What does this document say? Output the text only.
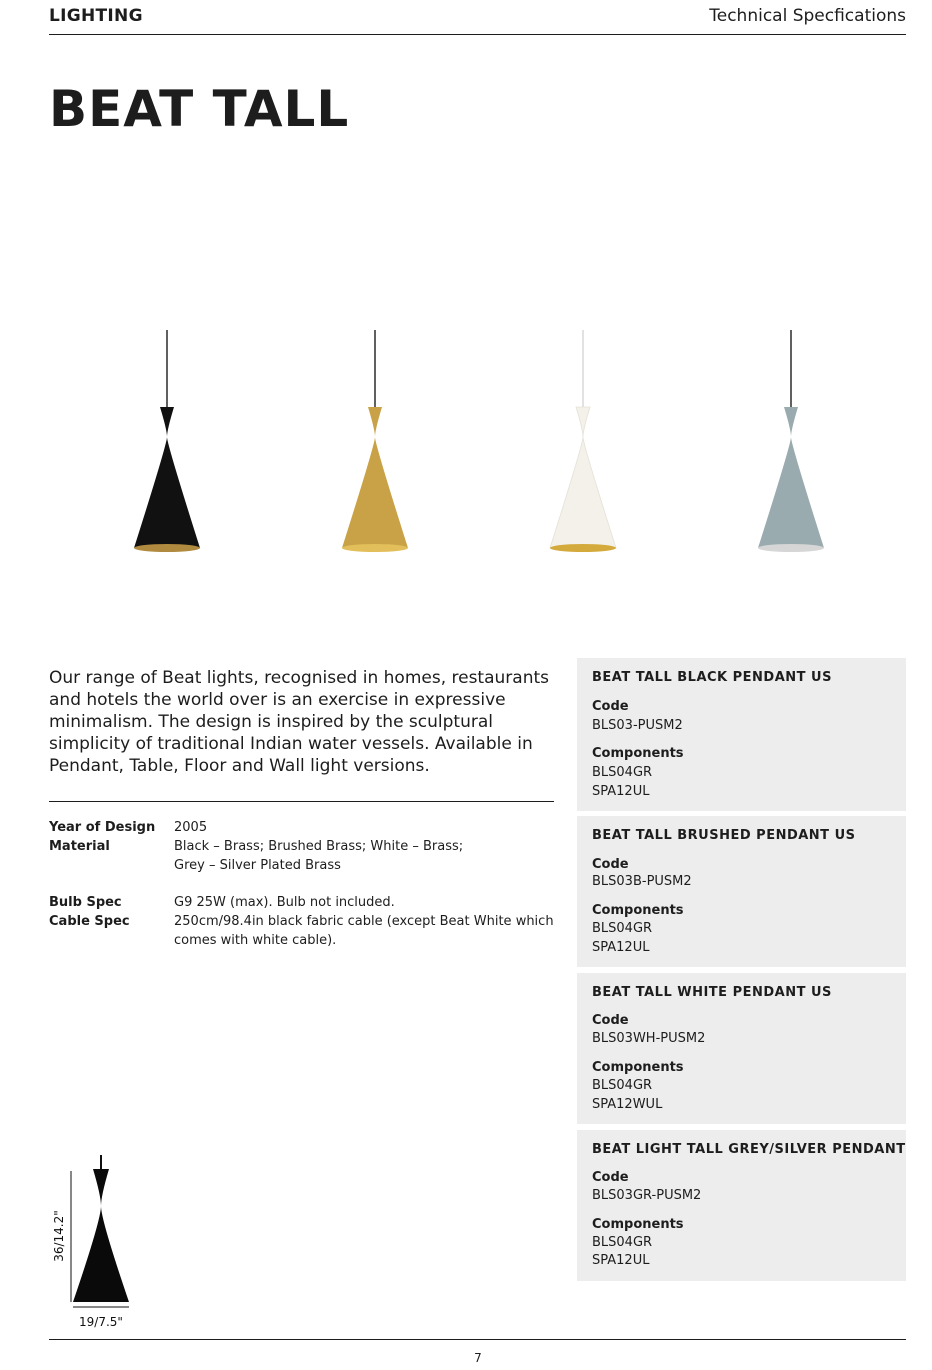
LIGHTING	Technical Specfications
BEAT TALL

Our range of Beat lights, recognised in homes, restaurants and hotels the world over is an exercise in expressive minimalism. The design is inspired by the sculptural simplicity of traditional Indian water vessels. Available in Pendant, Table, Floor and Wall light versions.

Year of Design	2005
Material	Black – Brass; Brushed Brass; White – Brass; Grey – Silver Plated Brass
Bulb Spec	G9 25W (max). Bulb not included.
Cable Spec	250cm/98.4in black fabric cable (except Beat White which comes with white cable).
BEAT TALL BLACK PENDANT US
Code
BLS03-PUSM2
Components
BLS04GR
SPA12UL
BEAT TALL BRUSHED PENDANT US
Code
BLS03B-PUSM2
Components
BLS04GR
SPA12UL
BEAT TALL WHITE PENDANT US
Code
BLS03WH-PUSM2
Components
BLS04GR
SPA12WUL
BEAT LIGHT TALL GREY/SILVER PENDANT
Code
BLS03GR-PUSM2
Components
BLS04GR
SPA12UL
36/14.2"
19/7.5"
7
